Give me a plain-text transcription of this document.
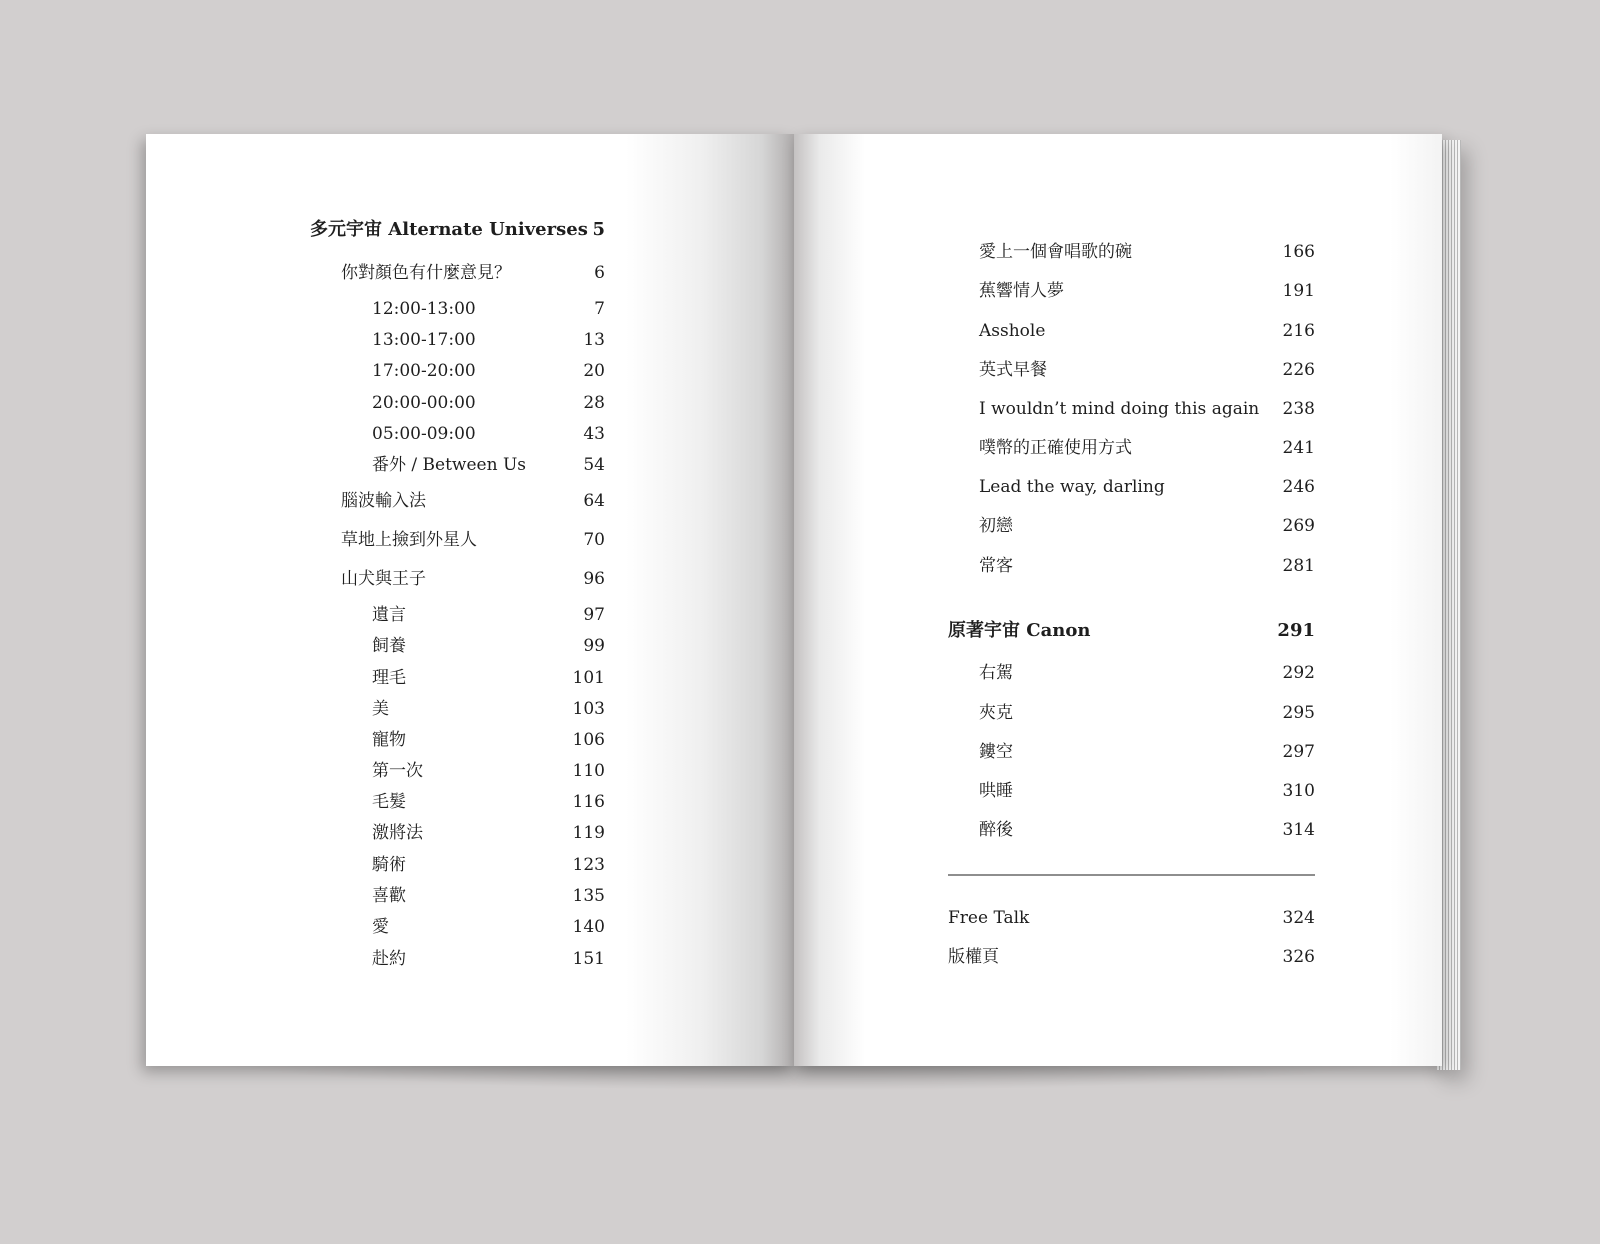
多元宇宙 Alternate Universes 5
你對顏色有什麼意見？	6
12:00-13:00	7
13:00-17:00	13
17:00-20:00	20
20:00-00:00	28
05:00-09:00	43
番外 / Between Us	54
腦波輸入法	64
草地上撿到外星人	70
山犬與王子	96
遺言	97
飼養	99
理毛	101
美	103
寵物	106
第一次	110
毛髮	116
激將法	119
騎術	123
喜歡	135
愛	140
赴約	151
愛上一個會唱歌的碗	166
蕉響情人夢	191
Asshole	216
英式早餐	226
I wouldn’t mind doing this again 238
噗幣的正確使用方式	241
Lead the way, darling	246
初戀	269
常客	281
原著宇宙 Canon	291
右駕	292
夾克	295
鏤空	297
哄睡	310
醉後	314
Free Talk	324
版權頁	326
